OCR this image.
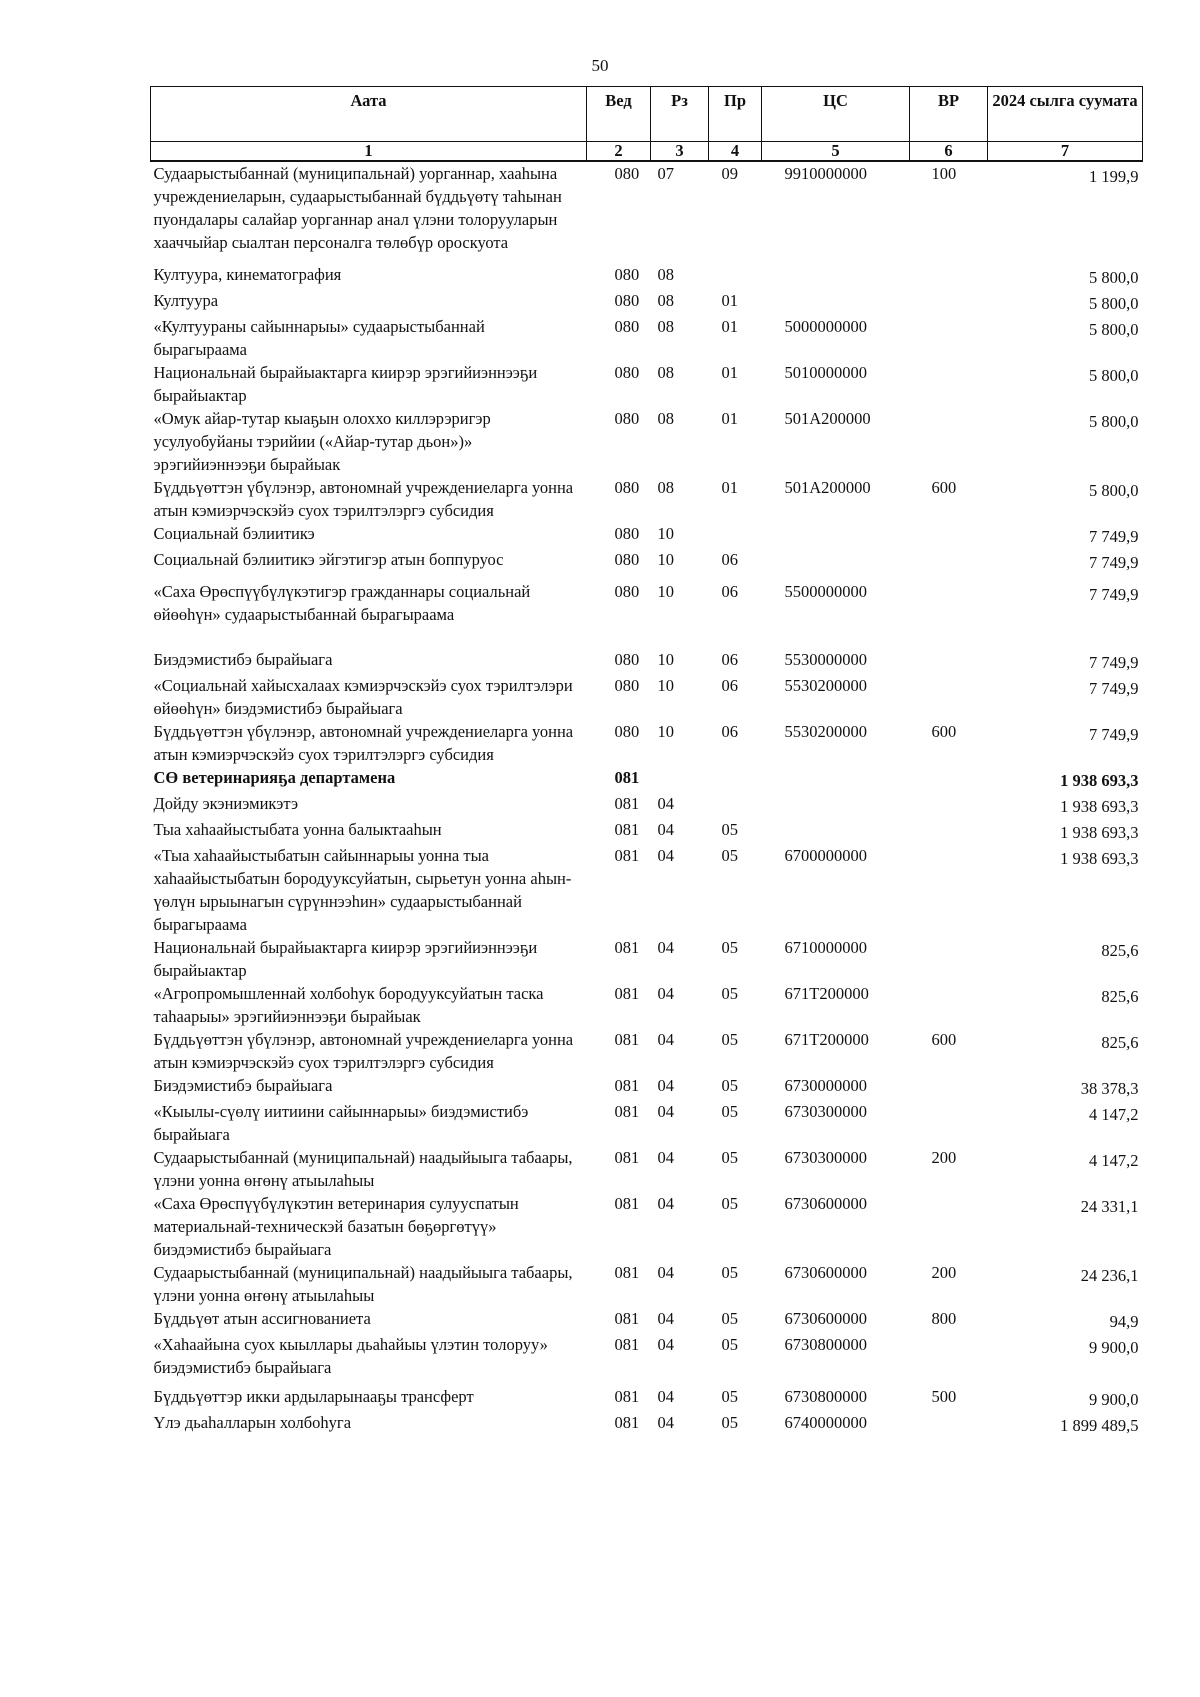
50
Аата	Вед	Рз	Пр	ЦС	ВР	2024 сылга суумата
1	2	3	4	5	6	7
Судаарыстыбаннай (муниципальнай) уорганнар, хааһына учреждениеларын, судаарыстыбаннай бүддьүөтү таһынан пуондалары салайар уорганнар анал үлэни толорууларын хааччыйар сыалтан персоналга төлөбүр ороскуота	080	07	09	9910000000	100	1 199,9
Култуура, кинематография	080	08				5 800,0
Култуура	080	08	01			5 800,0
«Култуураны сайыннарыы» судаарыстыбаннай бырагыраама	080	08	01	5000000000		5 800,0
Национальнай бырайыактарга киирэр эрэгийиэннээҕи бырайыактар	080	08	01	5010000000		5 800,0
«Омук айар-тутар кыаҕын олоххо киллэрэригэр усулуобуйаны тэрийии («Айар-тутар дьон»)» эрэгийиэннээҕи бырайыак	080	08	01	501A200000		5 800,0
Бүддьүөттэн үбүлэнэр, автономнай учреждениеларга уонна атын кэмиэрчэскэйэ суох тэрилтэлэргэ субсидия	080	08	01	501A200000	600	5 800,0
Социальнай бэлиитикэ	080	10				7 749,9
Социальнай бэлиитикэ эйгэтигэр атын боппуруос	080	10	06			7 749,9
«Саха Өрөспүүбүлүкэтигэр гражданнары социальнай өйөөһүн» судаарыстыбаннай бырагыраама	080	10	06	5500000000		7 749,9
Биэдэмистибэ бырайыага	080	10	06	5530000000		7 749,9
«Социальнай хайысхалаах кэмиэрчэскэйэ суох тэрилтэлэри өйөөһүн» биэдэмистибэ бырайыага	080	10	06	5530200000		7 749,9
Бүддьүөттэн үбүлэнэр, автономнай учреждениеларга уонна атын кэмиэрчэскэйэ суох тэрилтэлэргэ субсидия	080	10	06	5530200000	600	7 749,9
СӨ ветеринарияҕа департамена	081					1 938 693,3
Дойду экэниэмикэтэ	081	04				1 938 693,3
Тыа хаһаайыстыбата уонна балыктааһын	081	04	05			1 938 693,3
«Тыа хаһаайыстыбатын сайыннарыы уонна тыа хаһаайыстыбатын бородууксуйатын, сырьетун уонна аһын-үөлүн ырыынагын сүрүннээһин» судаарыстыбаннай бырагыраама	081	04	05	6700000000		1 938 693,3
Национальнай бырайыактарга киирэр эрэгийиэннээҕи бырайыактар	081	04	05	6710000000		825,6
«Агропромышленнай холбоһук бородууксуйатын таска таһаарыы» эрэгийиэннээҕи бырайыак	081	04	05	671T200000		825,6
Бүддьүөттэн үбүлэнэр, автономнай учреждениеларга уонна атын кэмиэрчэскэйэ суох тэрилтэлэргэ субсидия	081	04	05	671T200000	600	825,6
Биэдэмистибэ бырайыага	081	04	05	6730000000		38 378,3
«Кыылы-сүөлү иитиини сайыннарыы» биэдэмистибэ бырайыага	081	04	05	6730300000		4 147,2
Судаарыстыбаннай (муниципальнай) наадыйыыга табаары, үлэни уонна өҥөнү атыылаһыы	081	04	05	6730300000	200	4 147,2
«Саха Өрөспүүбүлүкэтин ветеринария сулууспатын материальнай-техническэй базатын бөҕөргөтүү» биэдэмистибэ бырайыага	081	04	05	6730600000		24 331,1
Судаарыстыбаннай (муниципальнай) наадыйыыга табаары, үлэни уонна өҥөнү атыылаһыы	081	04	05	6730600000	200	24 236,1
Бүддьүөт атын ассигнованиета	081	04	05	6730600000	800	94,9
«Хаһаайына суох кыыллары дьаһайыы үлэтин толоруу» биэдэмистибэ бырайыага	081	04	05	6730800000		9 900,0
Бүддьүөттэр икки ардыларынааҕы трансферт	081	04	05	6730800000	500	9 900,0
Үлэ дьаһалларын холбоһуга	081	04	05	6740000000		1 899 489,5
